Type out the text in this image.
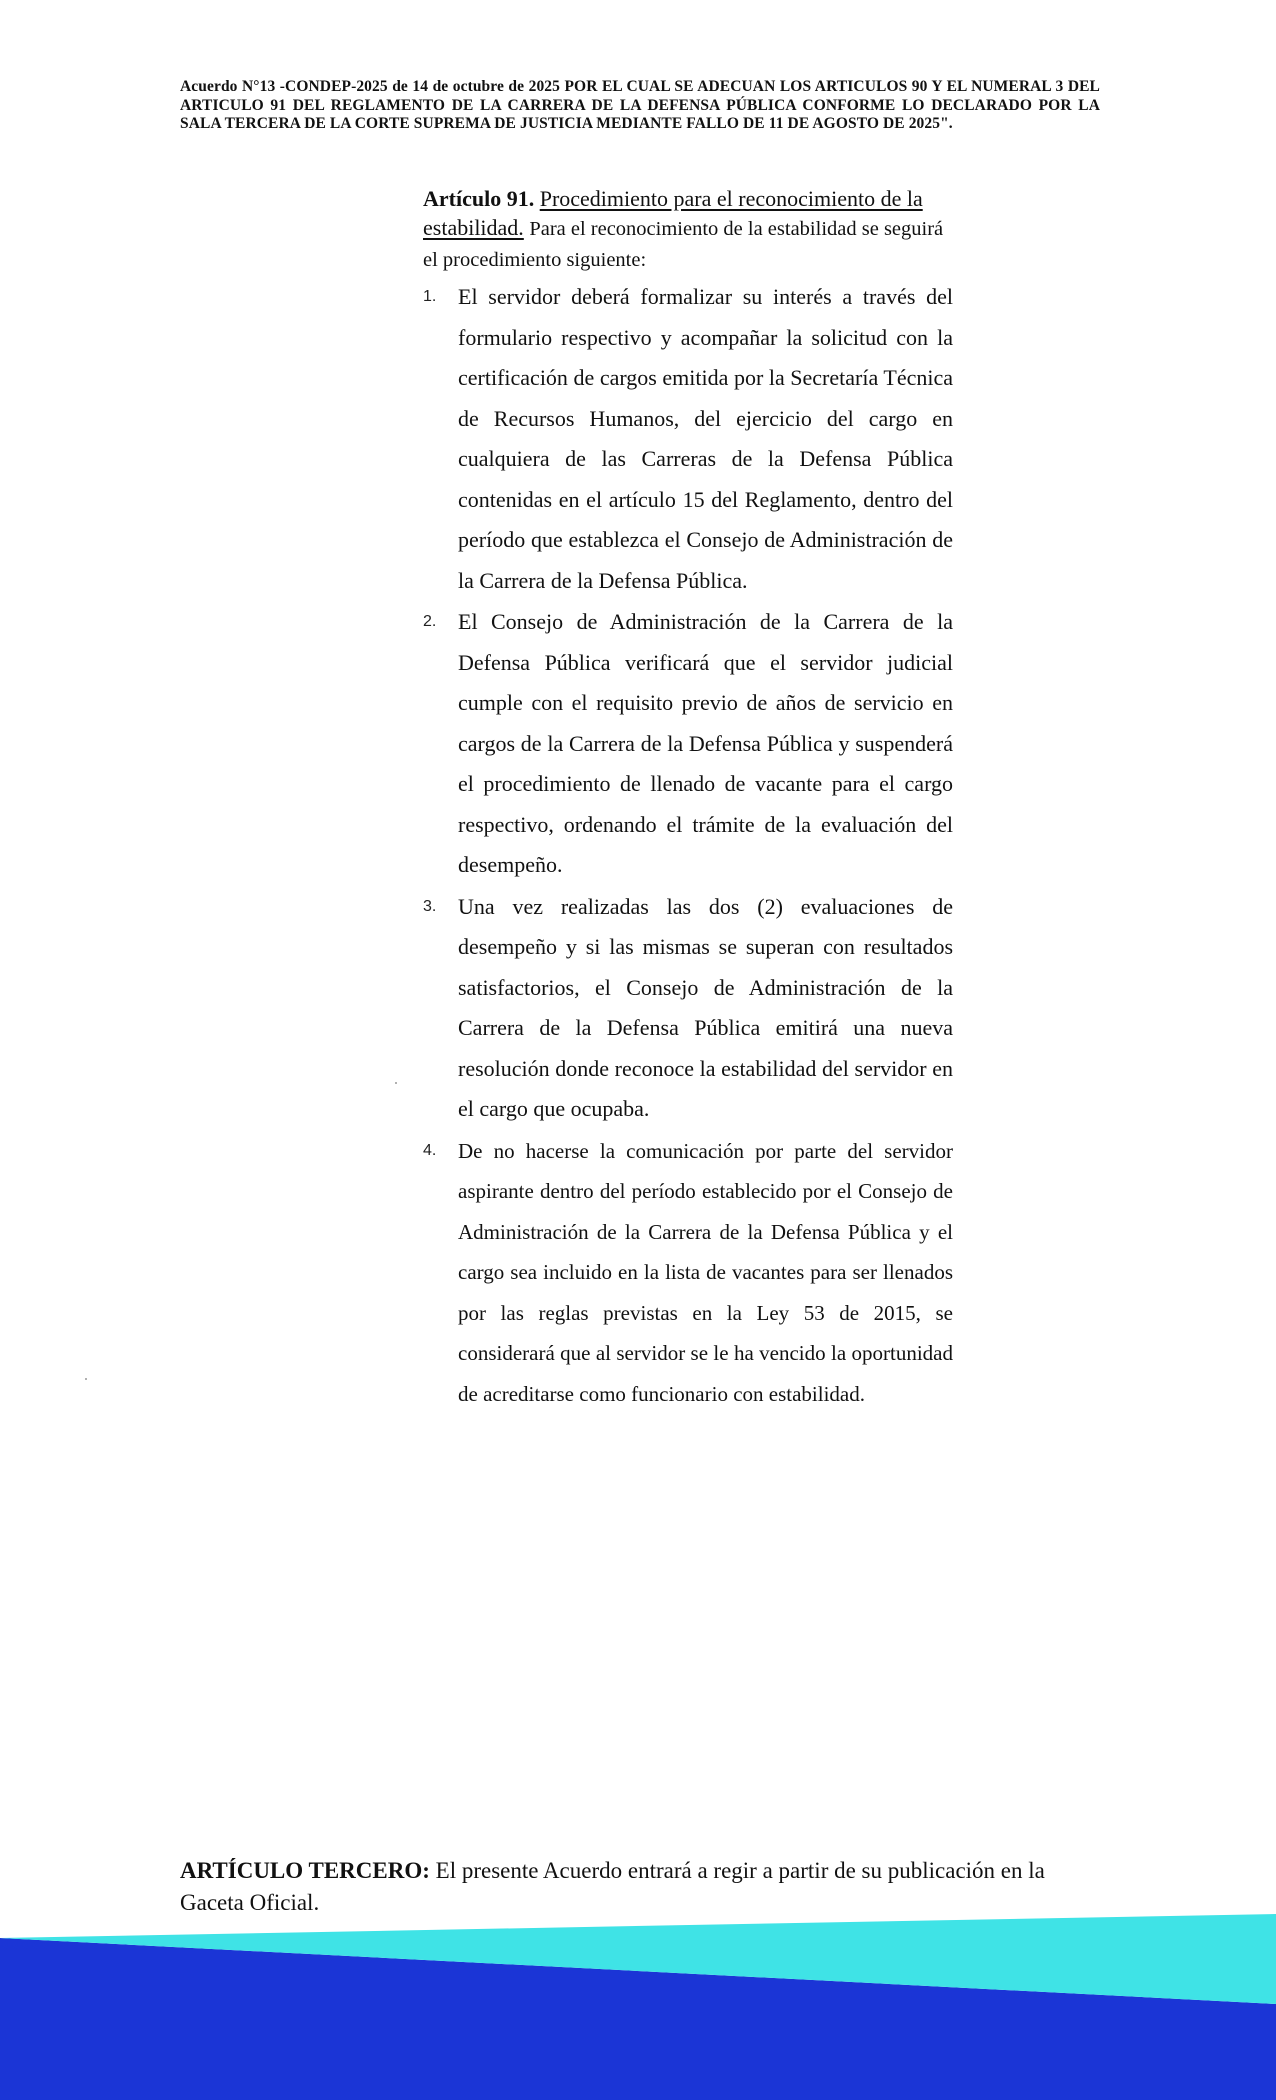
Acuerdo N°13 -CONDEP-2025 de 14 de octubre de 2025 POR EL CUAL SE ADECUAN LOS ARTICULOS 90 Y EL NUMERAL 3 DEL ARTICULO 91 DEL REGLAMENTO DE LA CARRERA DE LA DEFENSA PÚBLICA CONFORME LO DECLARADO POR LA SALA TERCERA DE LA CORTE SUPREMA DE JUSTICIA MEDIANTE FALLO DE 11 DE AGOSTO DE 2025".

Artículo 91. Procedimiento para el reconocimiento de la estabilidad. Para el reconocimiento de la estabilidad se seguirá el procedimiento siguiente:

1. El servidor deberá formalizar su interés a través del formulario respectivo y acompañar la solicitud con la certificación de cargos emitida por la Secretaría Técnica de Recursos Humanos, del ejercicio del cargo en cualquiera de las Carreras de la Defensa Pública contenidas en el artículo 15 del Reglamento, dentro del período que establezca el Consejo de Administración de la Carrera de la Defensa Pública.
2. El Consejo de Administración de la Carrera de la Defensa Pública verificará que el servidor judicial cumple con el requisito previo de años de servicio en cargos de la Carrera de la Defensa Pública y suspenderá el procedimiento de llenado de vacante para el cargo respectivo, ordenando el trámite de la evaluación del desempeño.
3. Una vez realizadas las dos (2) evaluaciones de desempeño y si las mismas se superan con resultados satisfactorios, el Consejo de Administración de la Carrera de la Defensa Pública emitirá una nueva resolución donde reconoce la estabilidad del servidor en el cargo que ocupaba.
4. De no hacerse la comunicación por parte del servidor aspirante dentro del período establecido por el Consejo de Administración de la Carrera de la Defensa Pública y el cargo sea incluido en la lista de vacantes para ser llenados por las reglas previstas en la Ley 53 de 2015, se considerará que al servidor se le ha vencido la oportunidad de acreditarse como funcionario con estabilidad.
ARTÍCULO TERCERO: El presente Acuerdo entrará a regir a partir de su publicación en la Gaceta Oficial.
